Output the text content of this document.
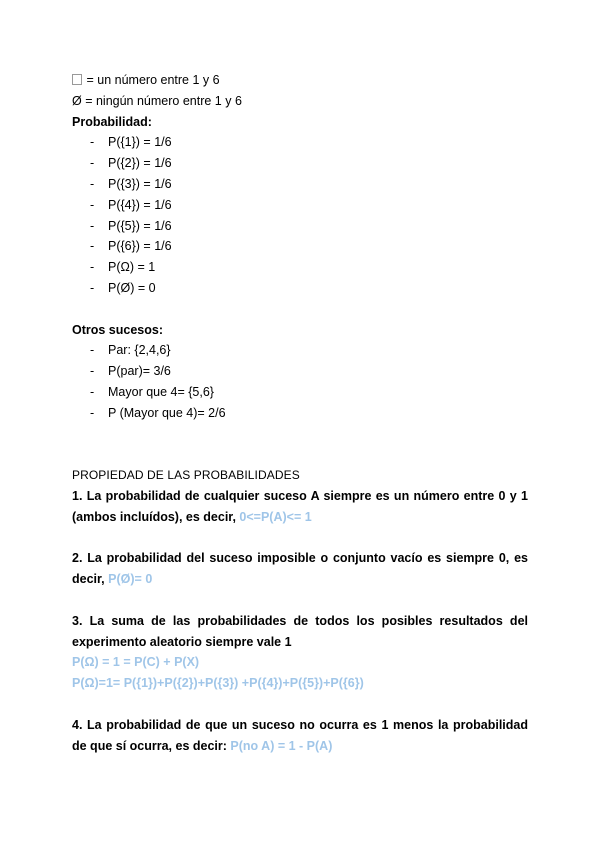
= un número entre 1 y 6
Ø = ningún número entre 1 y 6
Probabilidad:
- P({1}) = 1/6
- P({2}) = 1/6
- P({3}) = 1/6
- P({4}) = 1/6
- P({5}) = 1/6
- P({6}) = 1/6
- P(Ω) = 1
- P(Ø) = 0
Otros sucesos:
- Par: {2,4,6}
- P(par)= 3/6
- Mayor que 4= {5,6}
- P (Mayor que 4)= 2/6
PROPIEDAD DE LAS PROBABILIDADES
1. La probabilidad de cualquier suceso A siempre es un número entre 0 y 1 (ambos incluídos), es decir, 0<=P(A)<= 1
2. La probabilidad del suceso imposible o conjunto vacío es siempre 0, es decir, P(Ø)= 0
3. La suma de las probabilidades de todos los posibles resultados del experimento aleatorio siempre vale 1
P(Ω) = 1 = P(C) + P(X)
P(Ω)=1= P({1})+P({2})+P({3}) +P({4})+P({5})+P({6})
4. La probabilidad de que un suceso no ocurra es 1 menos la probabilidad de que sí ocurra, es decir: P(no A) = 1 - P(A)
